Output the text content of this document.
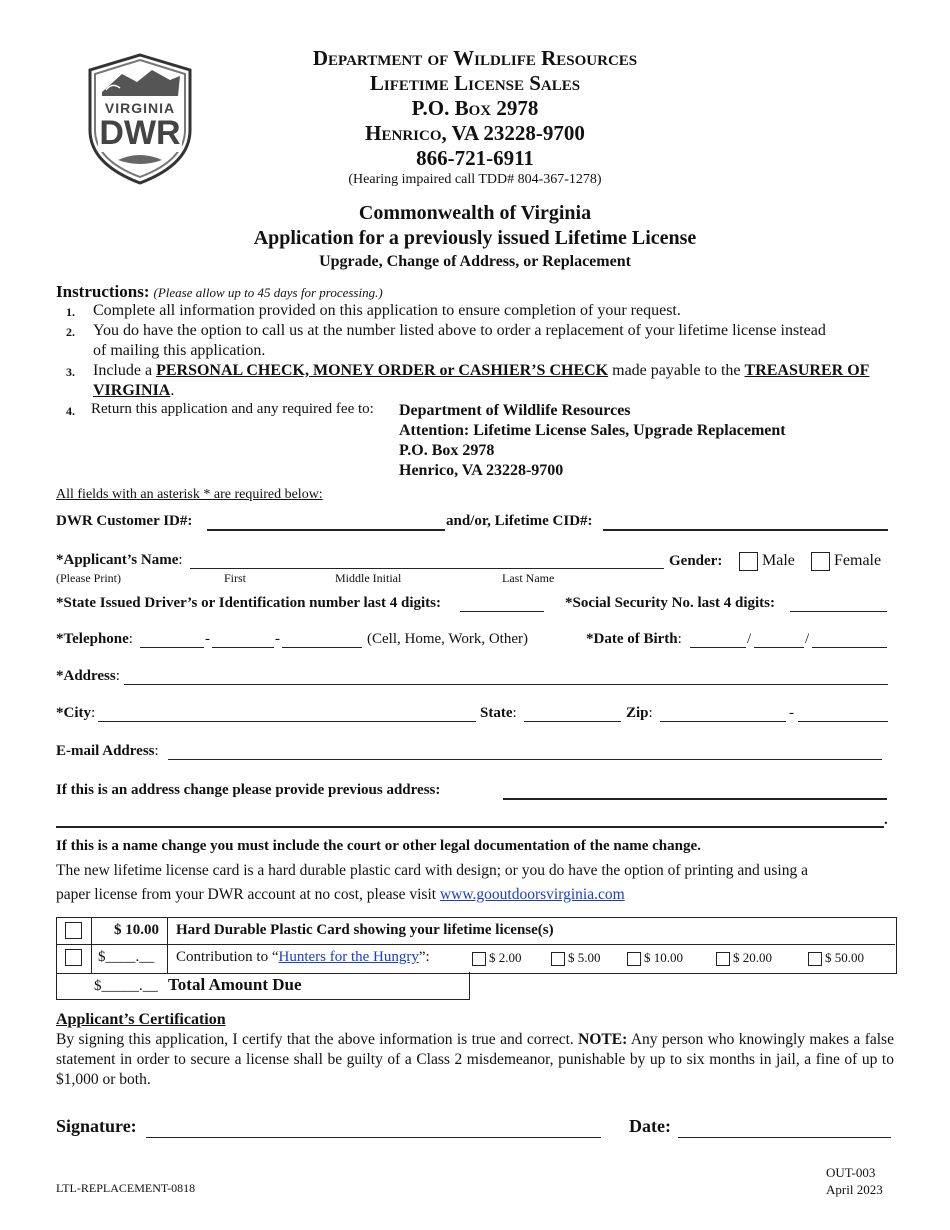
VIRGINIA
DWR
Department of Wildlife Resources
Lifetime License Sales
P.O. Box 2978
Henrico, VA 23228-9700
866-721-6911
(Hearing impaired call TDD# 804-367-1278)
Commonwealth of Virginia
Application for a previously issued Lifetime License
Upgrade, Change of Address, or Replacement
Instructions: (Please allow up to 45 days for processing.)
1. Complete all information provided on this application to ensure completion of your request.
2. You do have the option to call us at the number listed above to order a replacement of your lifetime license instead
of mailing this application.
3. Include a PERSONAL CHECK, MONEY ORDER or CASHIER’S CHECK made payable to the TREASURER OF
VIRGINIA.
4. Return this application and any required fee to: Department of Wildlife Resources
Attention: Lifetime License Sales, Upgrade Replacement
P.O. Box 2978
Henrico, VA 23228-9700
All fields with an asterisk * are required below:
DWR Customer ID#:	and/or, Lifetime CID#:
*Applicant’s Name:
(Please Print)	First	Middle Initial	Last Name
Gender:	Male	Female
*State Issued Driver’s or Identification number last 4 digits:	*Social Security No. last 4 digits:
*Telephone:	-	-	(Cell, Home, Work, Other)	*Date of Birth:	/	/
*Address:
*City:	State:	Zip:	-
E-mail Address:
If this is an address change please provide previous address:
.
If this is a name change you must include the court or other legal documentation of the name change.
The new lifetime license card is a hard durable plastic card with design; or you do have the option of printing and using a
paper license from your DWR account at no cost, please visit www.gooutdoorsvirginia.com
$ 10.00	Hard Durable Plastic Card showing your lifetime license(s)
$____.__ Contribution to “Hunters for the Hungry”:	$ 2.00	$ 5.00	$ 10.00	$ 20.00	$ 50.00
$_____.__ Total Amount Due
Applicant’s Certification
By signing this application, I certify that the above information is true and correct. NOTE: Any person who knowingly makes a false statement in order to secure a license shall be guilty of a Class 2 misdemeanor, punishable by up to six months in jail, a fine of up to $1,000 or both.
Signature:	Date:
LTL-REPLACEMENT-0818
OUT-003
April 2023
